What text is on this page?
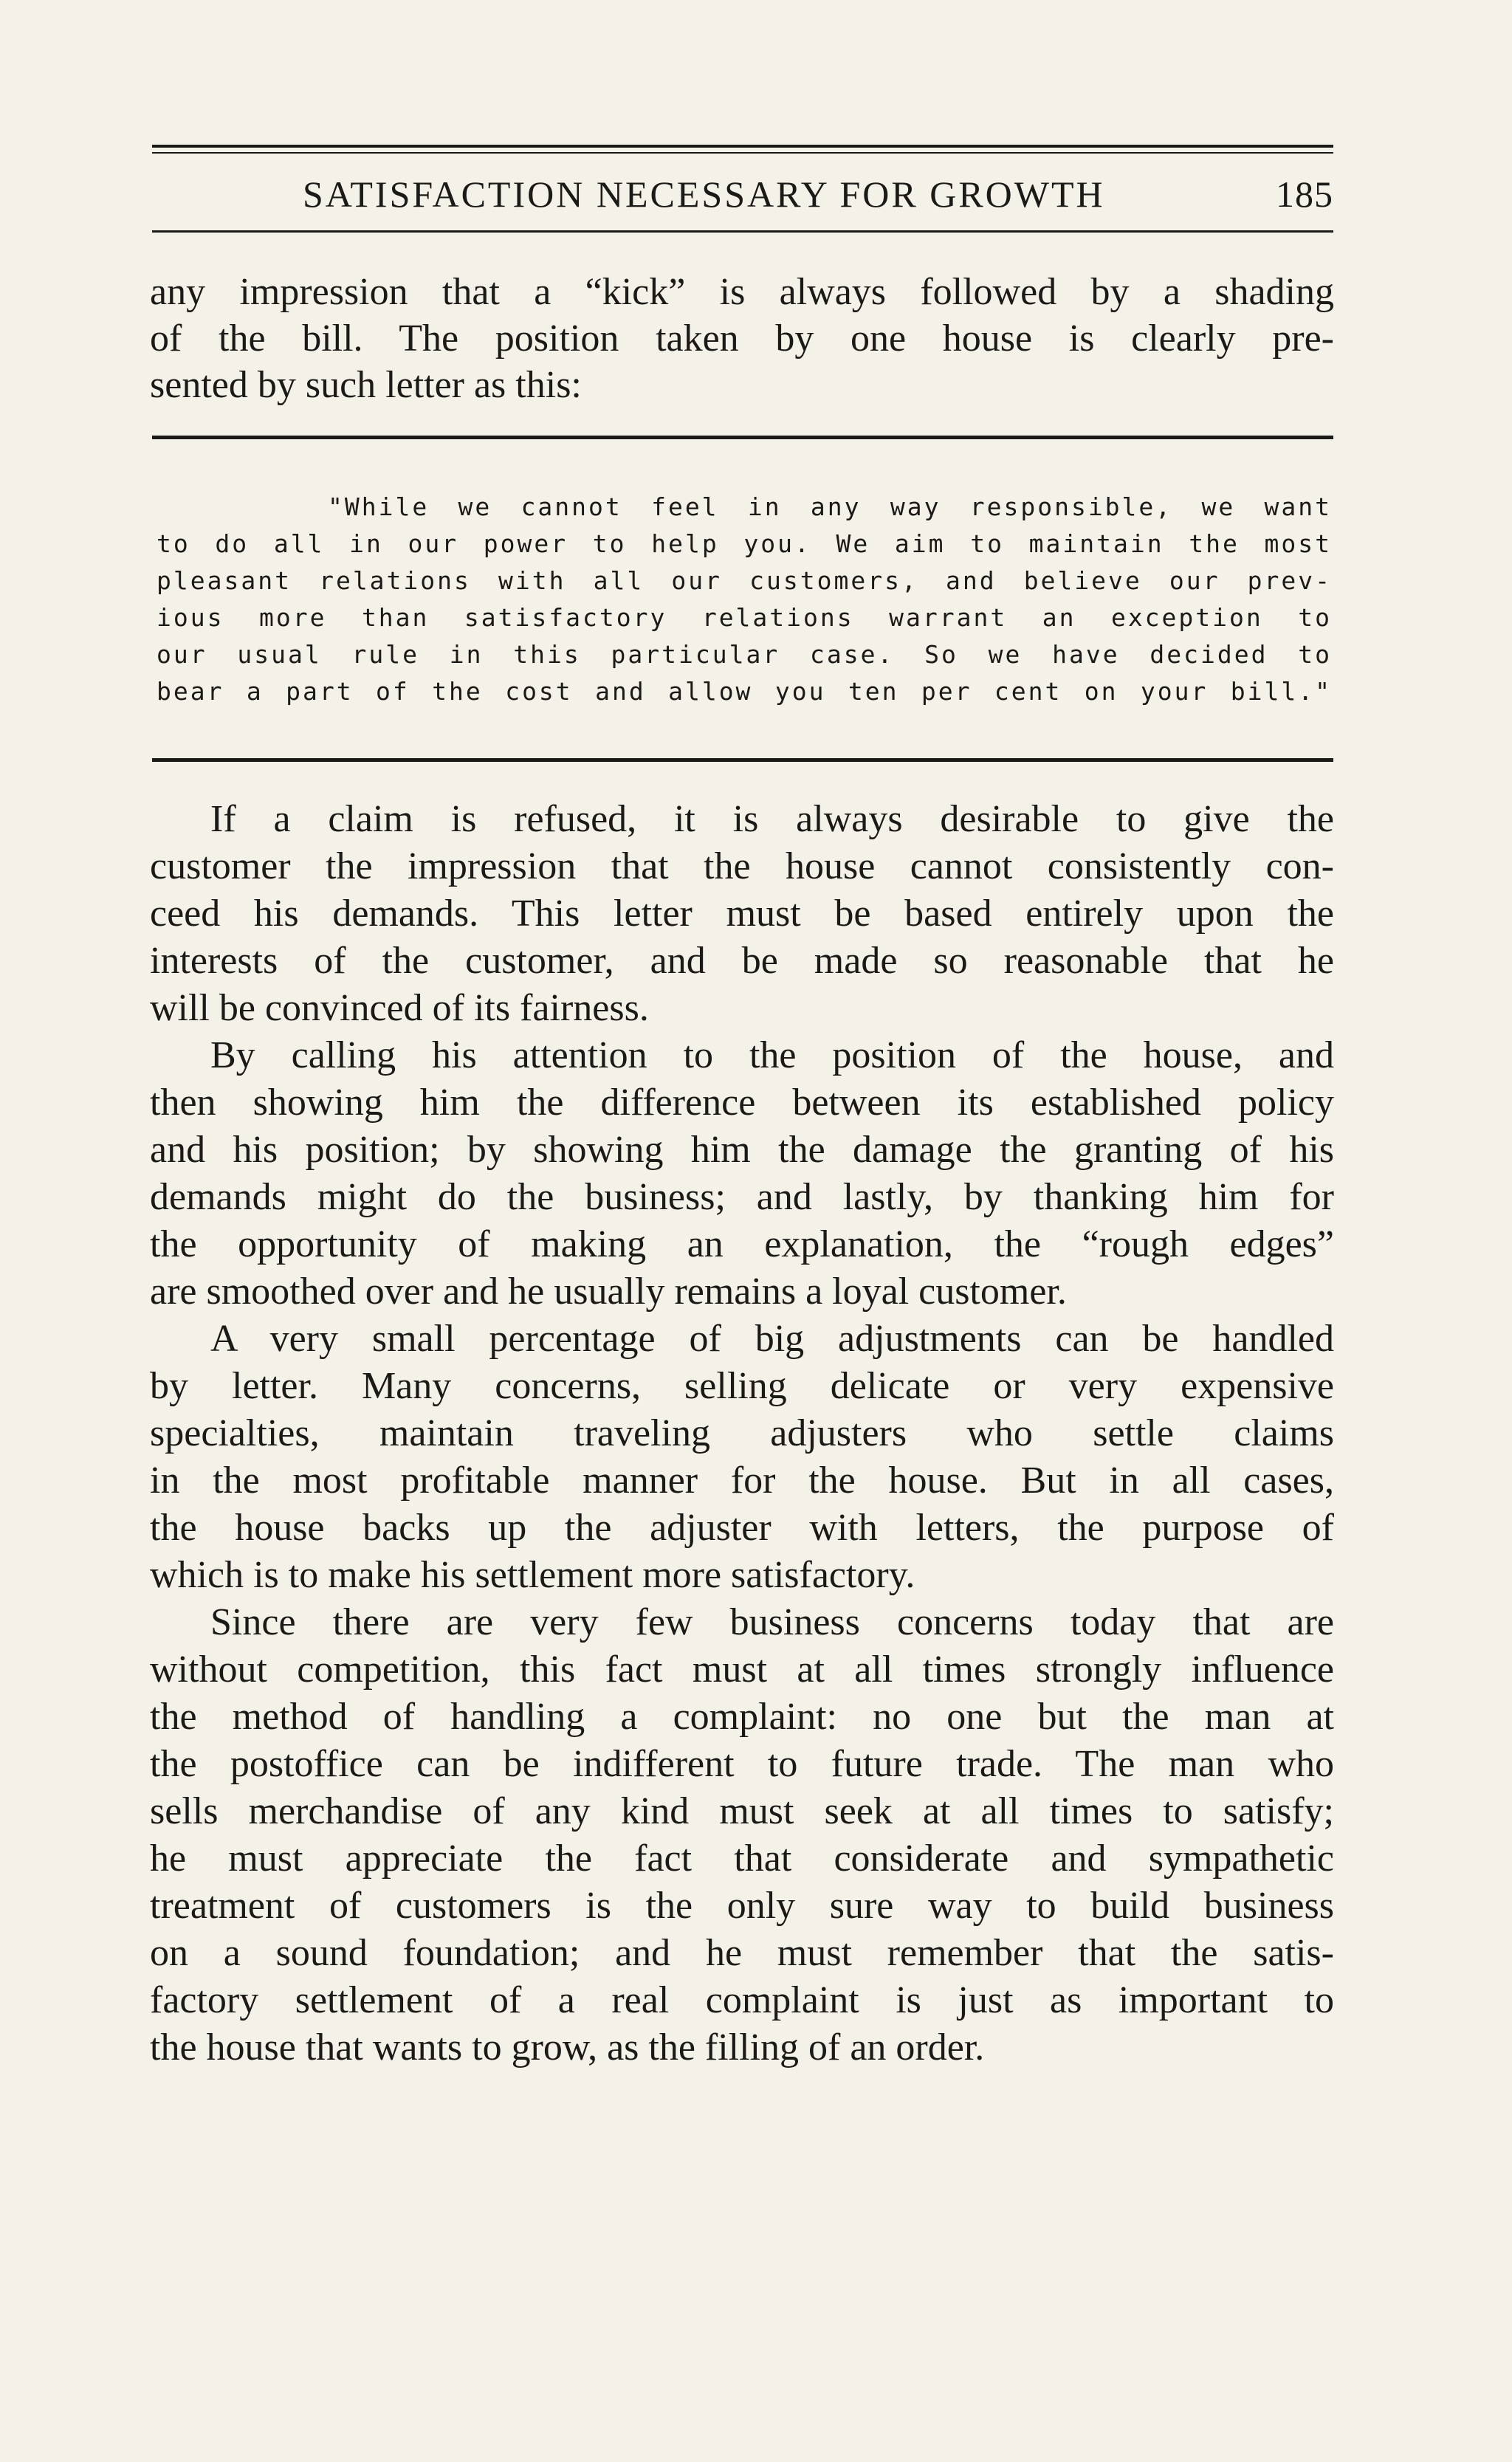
SATISFACTION NECESSARY FOR GROWTH	185
any impression that a “kick” is always followed by a shading
of the bill. The position taken by one house is clearly pre-
sented by such letter as this:
"While we cannot feel in any way responsible, we want
to do all in our power to help you. We aim to maintain the most
pleasant relations with all our customers, and believe our prev-
ious more than satisfactory relations warrant an exception to
our usual rule in this particular case. So we have decided to
bear a part of the cost and allow you ten per cent on your bill."
If a claim is refused, it is always desirable to give the
customer the impression that the house cannot consistently con-
ceed his demands. This letter must be based entirely upon the
interests of the customer, and be made so reasonable that he
will be convinced of its fairness.
By calling his attention to the position of the house, and
then showing him the difference between its established policy
and his position; by showing him the damage the granting of his
demands might do the business; and lastly, by thanking him for
the opportunity of making an explanation, the “rough edges”
are smoothed over and he usually remains a loyal customer.
A very small percentage of big adjustments can be handled
by letter. Many concerns, selling delicate or very expensive
specialties, maintain traveling adjusters who settle claims
in the most profitable manner for the house. But in all cases,
the house backs up the adjuster with letters, the purpose of
which is to make his settlement more satisfactory.
Since there are very few business concerns today that are
without competition, this fact must at all times strongly influence
the method of handling a complaint: no one but the man at
the postoffice can be indifferent to future trade. The man who
sells merchandise of any kind must seek at all times to satisfy;
he must appreciate the fact that considerate and sympathetic
treatment of customers is the only sure way to build business
on a sound foundation; and he must remember that the satis-
factory settlement of a real complaint is just as important to
the house that wants to grow, as the filling of an order.
